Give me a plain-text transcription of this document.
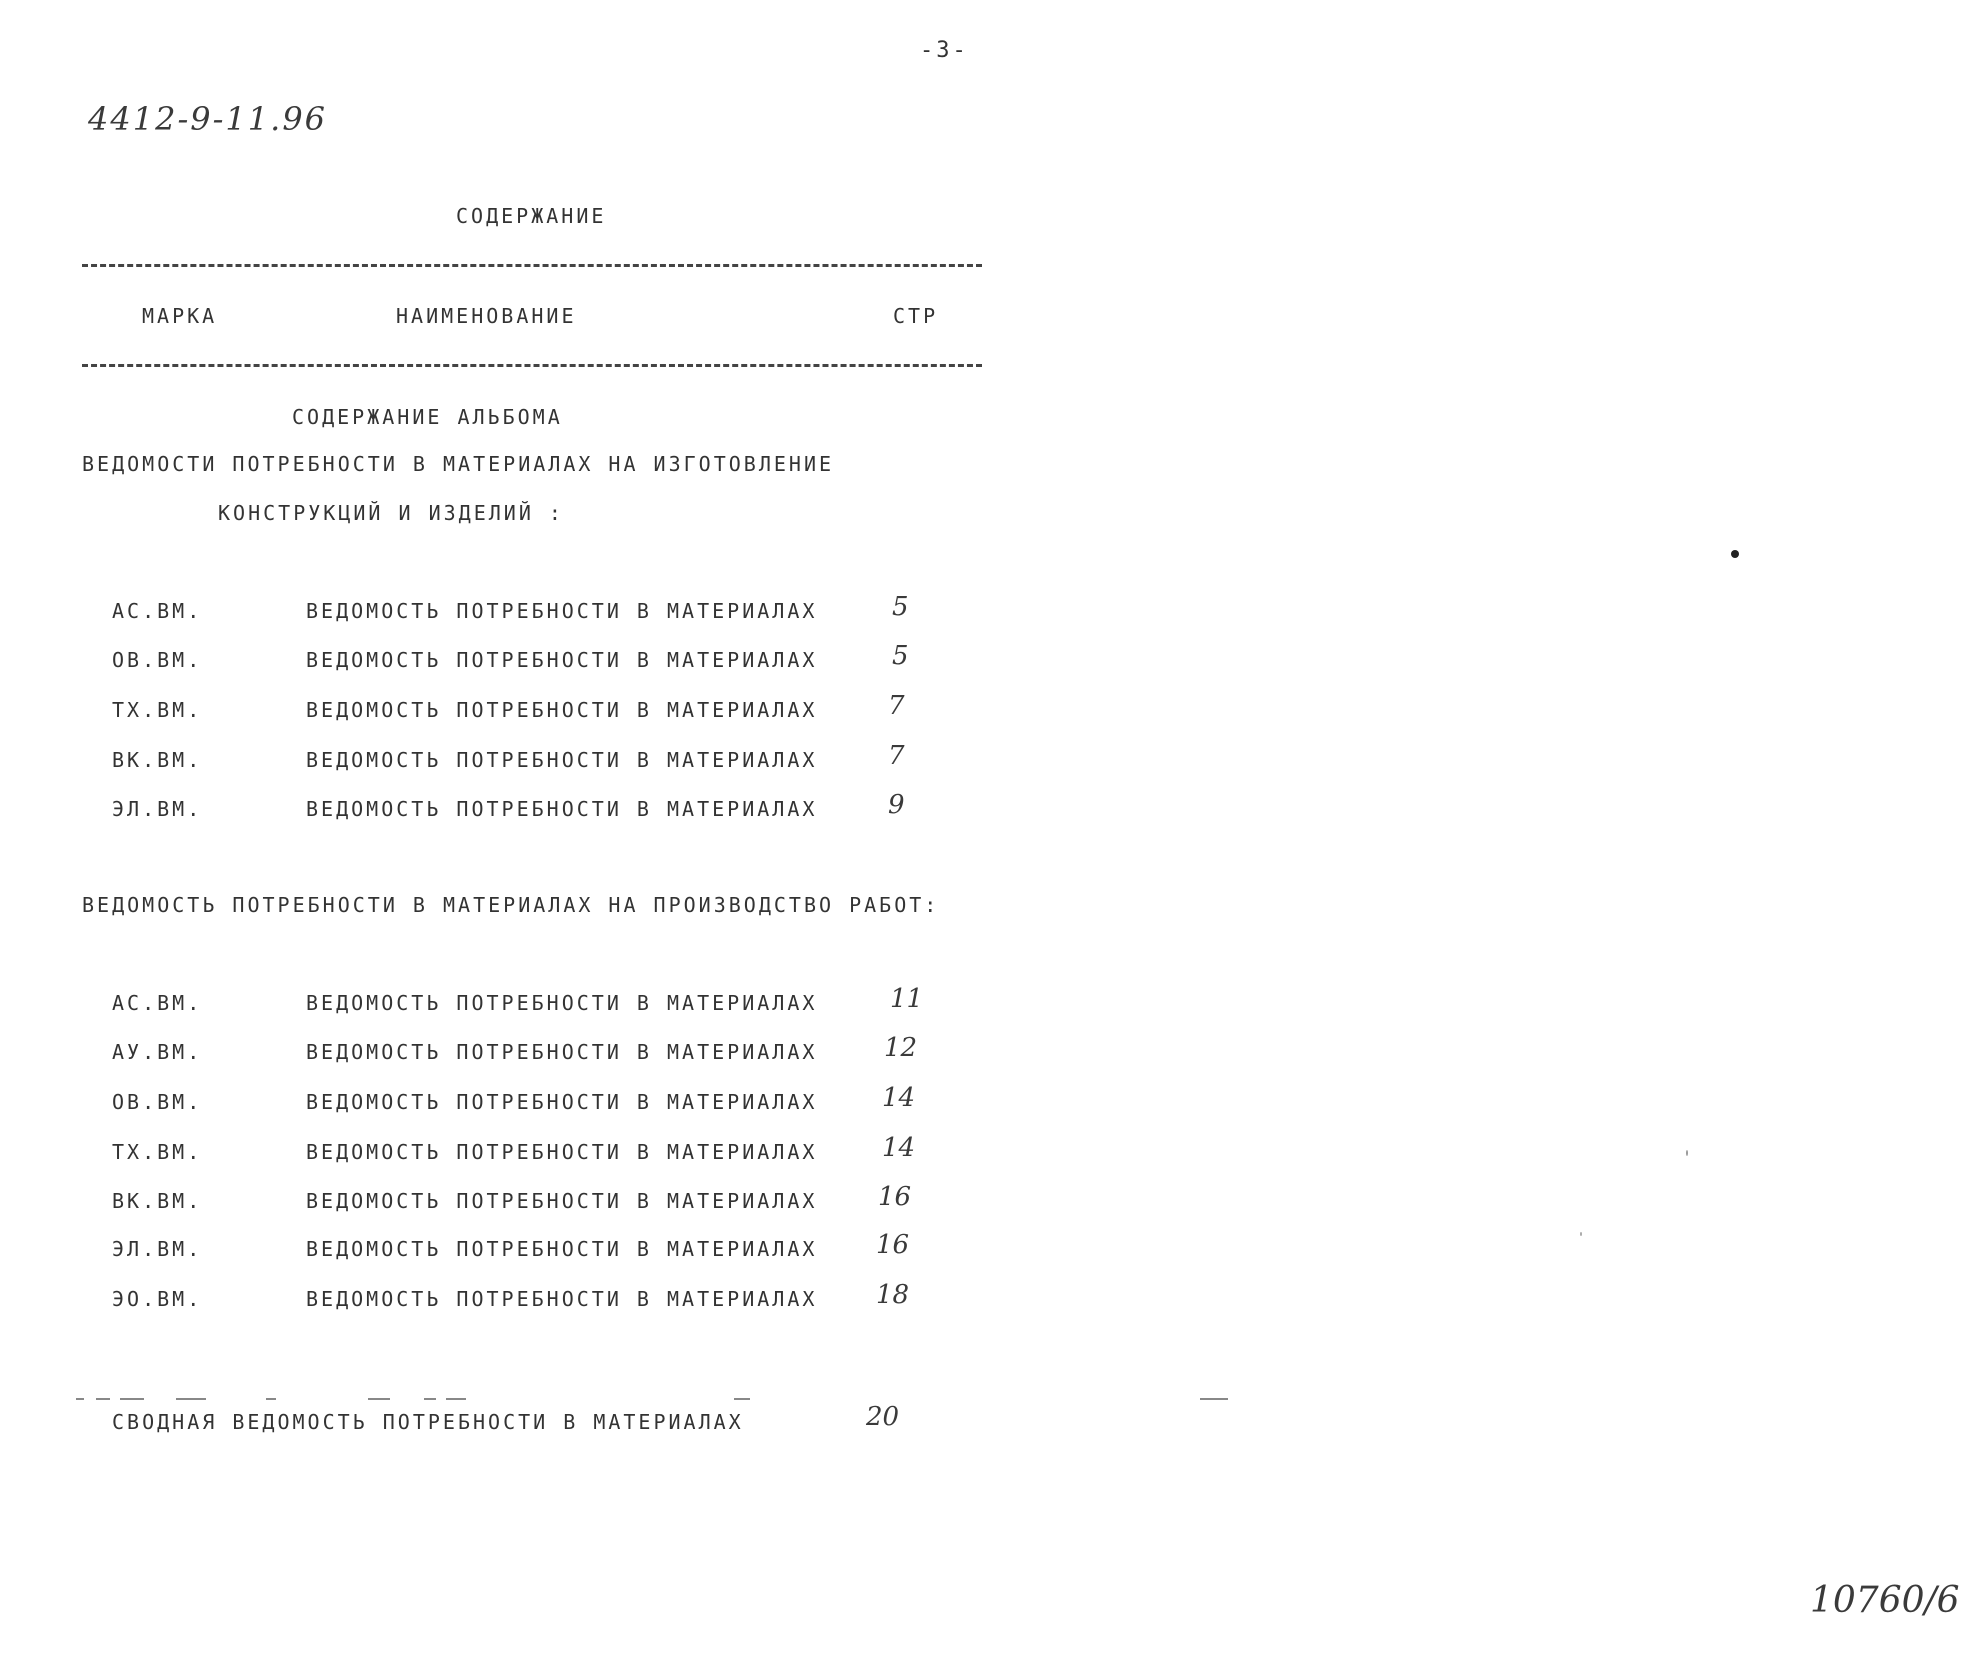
-3-
4412-9-11.96
СОДЕРЖАНИЕ
МАРКА	НАИМЕНОВАНИЕ	СТР
СОДЕРЖАНИЕ АЛЬБОМА
ВЕДОМОСТИ ПОТРЕБНОСТИ В МАТЕРИАЛАХ НА ИЗГОТОВЛЕНИЕ
КОНСТРУКЦИЙ И ИЗДЕЛИЙ :
АС.ВМ.	ВЕДОМОСТЬ ПОТРЕБНОСТИ В МАТЕРИАЛАХ	5
ОВ.ВМ.	ВЕДОМОСТЬ ПОТРЕБНОСТИ В МАТЕРИАЛАХ	5
ТХ.ВМ.	ВЕДОМОСТЬ ПОТРЕБНОСТИ В МАТЕРИАЛАХ	7
ВК.ВМ.	ВЕДОМОСТЬ ПОТРЕБНОСТИ В МАТЕРИАЛАХ	7
ЭЛ.ВМ.	ВЕДОМОСТЬ ПОТРЕБНОСТИ В МАТЕРИАЛАХ	9
ВЕДОМОСТЬ ПОТРЕБНОСТИ В МАТЕРИАЛАХ НА ПРОИЗВОДСТВО РАБОТ:
АС.ВМ.	ВЕДОМОСТЬ ПОТРЕБНОСТИ В МАТЕРИАЛАХ	11
АУ.ВМ.	ВЕДОМОСТЬ ПОТРЕБНОСТИ В МАТЕРИАЛАХ	12
ОВ.ВМ.	ВЕДОМОСТЬ ПОТРЕБНОСТИ В МАТЕРИАЛАХ 14
ТХ.ВМ.	ВЕДОМОСТЬ ПОТРЕБНОСТИ В МАТЕРИАЛАХ 14
ВК.ВМ.	ВЕДОМОСТЬ ПОТРЕБНОСТИ В МАТЕРИАЛАХ 16
ЭЛ.ВМ.	ВЕДОМОСТЬ ПОТРЕБНОСТИ В МАТЕРИАЛАХ 16
ЭО.ВМ.	ВЕДОМОСТЬ ПОТРЕБНОСТИ В МАТЕРИАЛАХ 18
СВОДНАЯ ВЕДОМОСТЬ ПОТРЕБНОСТИ В МАТЕРИАЛАХ	20
10760/6
